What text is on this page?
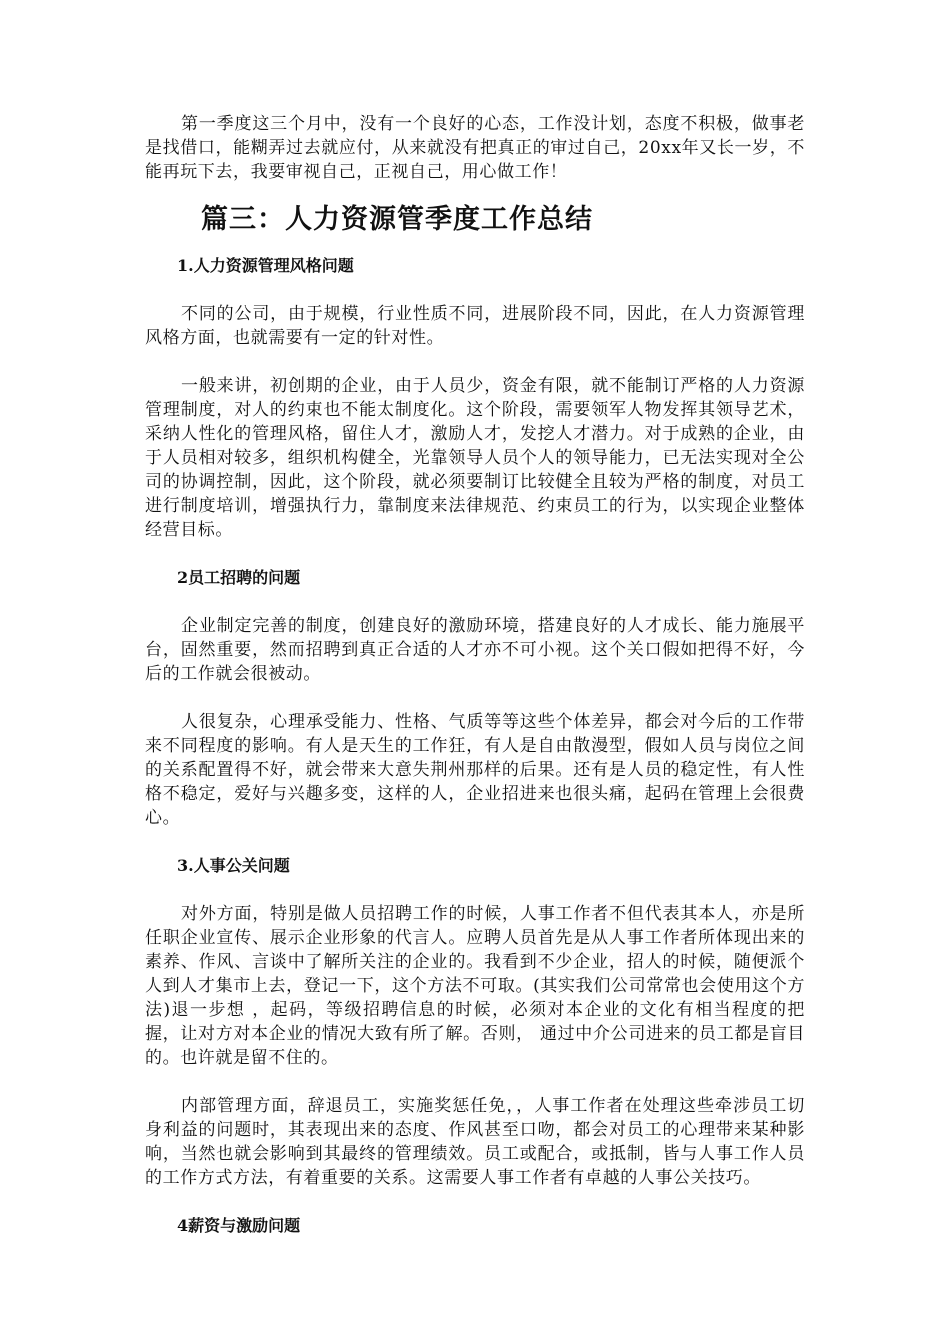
第一季度这三个月中，没有一个良好的心态，工作没计划，态度不积极，做事老是找借口，能糊弄过去就应付，从来就没有把真正的审过自己，20xx年又长一岁，不能再玩下去，我要审视自己，正视自己，用心做工作！

篇三：人力资源管季度工作总结
1.人力资源管理风格问题

不同的公司，由于规模，行业性质不同，进展阶段不同，因此，在人力资源管理风格方面，也就需要有一定的针对性。

一般来讲，初创期的企业，由于人员少，资金有限，就不能制订严格的人力资源管理制度，对人的约束也不能太制度化。这个阶段，需要领军人物发挥其领导艺术，采纳人性化的管理风格，留住人才，激励人才，发挖人才潜力。对于成熟的企业，由于人员相对较多，组织机构健全，光靠领导人员个人的领导能力，已无法实现对全公司的协调控制，因此，这个阶段，就必须要制订比较健全且较为严格的制度，对员工进行制度培训，增强执行力，靠制度来法律规范、约束员工的行为，以实现企业整体经营目标。

2员工招聘的问题

企业制定完善的制度，创建良好的激励环境，搭建良好的人才成长、能力施展平台，固然重要，然而招聘到真正合适的人才亦不可小视。这个关口假如把得不好，今后的工作就会很被动。

人很复杂，心理承受能力、性格、气质等等这些个体差异，都会对今后的工作带来不同程度的影响。有人是天生的工作狂，有人是自由散漫型，假如人员与岗位之间的关系配置得不好，就会带来大意失荆州那样的后果。还有是人员的稳定性，有人性格不稳定，爱好与兴趣多变，这样的人，企业招进来也很头痛，起码在管理上会很费心。

3.人事公关问题

对外方面，特别是做人员招聘工作的时候，人事工作者不但代表其本人，亦是所任职企业宣传、展示企业形象的代言人。应聘人员首先是从人事工作者所体现出来的素养、作风、言谈中了解所关注的企业的。我看到不少企业，招人的时候，随便派个人到人才集市上去，登记一下，这个方法不可取。(其实我们公司常常也会使用这个方法)退一步想 ，起码，等级招聘信息的时候，必须对本企业的文化有相当程度的把握，让对方对本企业的情况大致有所了解。否则， 通过中介公司进来的员工都是盲目的。也许就是留不住的。

内部管理方面，辞退员工，实施奖惩任免，，人事工作者在处理这些牵涉员工切身利益的问题时，其表现出来的态度、作风甚至口吻，都会对员工的心理带来某种影响，当然也就会影响到其最终的管理绩效。员工或配合，或抵制，皆与人事工作人员的工作方式方法，有着重要的关系。这需要人事工作者有卓越的人事公关技巧。

4薪资与激励问题
